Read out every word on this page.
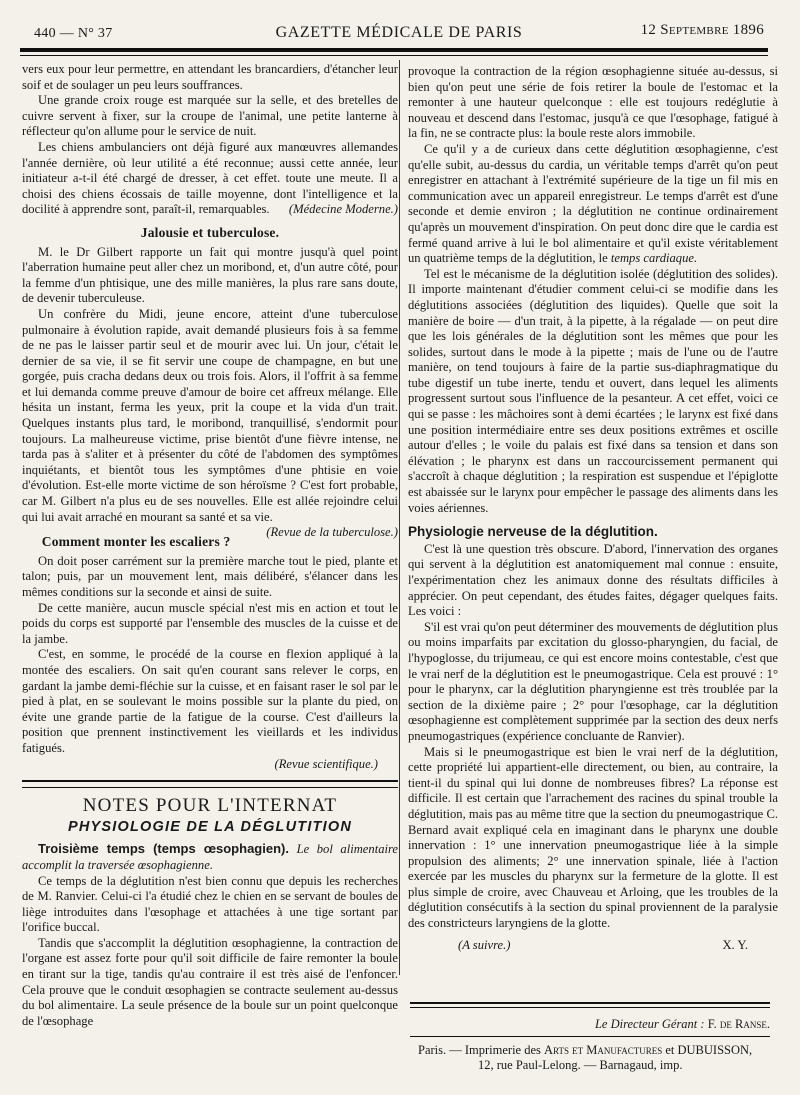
440 — N° 37	GAZETTE MÉDICALE DE PARIS	12 Septembre 1896

vers eux pour leur permettre, en attendant les brancardiers, d'étancher leur soif et de soulager un peu leurs souffrances.

Une grande croix rouge est marquée sur la selle, et des bretelles de cuivre servent à fixer, sur la croupe de l'animal, une petite lanterne à réflecteur qu'on allume pour le service de nuit.

Les chiens ambulanciers ont déjà figuré aux manœuvres allemandes l'année dernière, où leur utilité a été reconnue; aussi cette année, leur initiateur a-t-il été chargé de dresser, à cet effet. toute une meute. Il a choisi des chiens écossais de taille moyenne, dont l'intelligence et la docilité à apprendre sont, paraît-il, remarquables.	(Médecine Moderne.)

Jalousie et tuberculose.

M. le Dr Gilbert rapporte un fait qui montre jusqu'à quel point l'aberration humaine peut aller chez un moribond, et, d'un autre côté, pour la femme d'un phtisique, une des mille manières, la plus rare sans doute, de devenir tuberculeuse.

Un confrère du Midi, jeune encore, atteint d'une tuberculose pulmonaire à évolution rapide, avait demandé plusieurs fois à sa femme de ne pas le laisser partir seul et de mourir avec lui. Un jour, c'était le dernier de sa vie, il se fit servir une coupe de champagne, en but une gorgée, puis cracha dedans deux ou trois fois. Alors, il l'offrit à sa femme et lui demanda comme preuve d'amour de boire cet affreux mélange. Elle hésita un instant, ferma les yeux, prit la coupe et la vida d'un trait. Quelques instants plus tard, le moribond, tranquillisé, s'endormit pour toujours. La malheureuse victime, prise bientôt d'une fièvre intense, ne tarda pas à s'aliter et à présenter du côté de l'abdomen des symptômes inquiétants, et bientôt tous les symptômes d'une phtisie en voie d'évolution. Est-elle morte victime de son héroïsme ? C'est fort probable, car M. Gilbert n'a plus eu de ses nouvelles. Elle est allée rejoindre celui qui lui avait arraché en mourant sa santé et sa vie.
(Revue de la tuberculose.)

Comment monter les escaliers ?

On doit poser carrément sur la première marche tout le pied, plante et talon; puis, par un mouvement lent, mais délibéré, s'élancer dans les mêmes conditions sur la seconde et ainsi de suite.

De cette manière, aucun muscle spécial n'est mis en action et tout le poids du corps est supporté par l'ensemble des muscles de la cuisse et de la jambe.

C'est, en somme, le procédé de la course en flexion appliqué à la montée des escaliers. On sait qu'en courant sans relever le corps, en gardant la jambe demi-fléchie sur la cuisse, et en faisant raser le sol par le pied à plat, en se soulevant le moins possible sur la plante du pied, on évite une grande partie de la fatigue de la course. C'est d'ailleurs la position que prennent instinctivement les vieillards et les individus fatigués.

(Revue scientifique.)
NOTES POUR L'INTERNAT
PHYSIOLOGIE DE LA DÉGLUTITION

Troisième temps (temps œsophagien). Le bol alimentaire accomplit la traversée œsophagienne.

Ce temps de la déglutition n'est bien connu que depuis les recherches de M. Ranvier. Celui-ci l'a étudié chez le chien en se servant de boules de liège introduites dans l'œsophage et attachées à une tige sortant par l'orifice buccal.

Tandis que s'accomplit la déglutition œsophagienne, la contraction de l'organe est assez forte pour qu'il soit difficile de faire remonter la boule en tirant sur la tige, tandis qu'au contraire il est très aisé de l'enfoncer. Cela prouve que le conduit œsophagien se contracte seulement au-dessus du bol alimentaire. La seule présence de la boule sur un point quelconque de l'œsophage

provoque la contraction de la région œsophagienne située au-dessus, si bien qu'on peut une série de fois retirer la boule de l'estomac et la remonter à une hauteur quelconque : elle est toujours redéglutie à nouveau et descend dans l'estomac, jusqu'à ce que l'œsophage, fatigué à la fin, ne se contracte plus: la boule reste alors immobile.

Ce qu'il y a de curieux dans cette déglutition œsophagienne, c'est qu'elle subit, au-dessus du cardia, un véritable temps d'arrêt qu'on peut enregistrer en attachant à l'extrémité supérieure de la tige un fil mis en communication avec un appareil enregistreur. Le temps d'arrêt est d'une seconde et demie environ ; la déglutition ne continue ordinairement qu'après un mouvement d'inspiration. On peut donc dire que le cardia est fermé quand arrive à lui le bol alimentaire et qu'il existe véritablement un quatrième temps de la déglutition, le temps cardiaque.

Tel est le mécanisme de la déglutition isolée (déglutition des solides). Il importe maintenant d'étudier comment celui-ci se modifie dans les déglutitions associées (déglutition des liquides). Quelle que soit la manière de boire — d'un trait, à la pipette, à la régalade — on peut dire que les lois générales de la déglutition sont les mêmes que pour les solides, surtout dans le mode à la pipette ; mais de l'une ou de l'autre manière, on tend toujours à faire de la partie sus-diaphragmatique du tube digestif un tube inerte, tendu et ouvert, dans lequel les aliments progressent surtout sous l'influence de la pesanteur. A cet effet, voici ce qui se passe : les mâchoires sont à demi écartées ; le larynx est fixé dans une position intermédiaire entre ses deux positions extrêmes et oscille autour d'elles ; le voile du palais est fixé dans sa tension et dans son élévation ; le pharynx est dans un raccourcissement permanent qui s'accroît à chaque déglutition ; la respiration est suspendue et l'épiglotte est abaissée sur le larynx pour empêcher le passage des aliments dans les voies aériennes.

Physiologie nerveuse de la déglutition.

C'est là une question très obscure. D'abord, l'innervation des organes qui servent à la déglutition est anatomiquement mal connue : ensuite, l'expérimentation chez les animaux donne des résultats difficiles à apprécier. On peut cependant, des études faites, dégager quelques faits. Les voici :

S'il est vrai qu'on peut déterminer des mouvements de déglutition plus ou moins imparfaits par excitation du glosso-pharyngien, du facial, de l'hypoglosse, du trijumeau, ce qui est encore moins contestable, c'est que le vrai nerf de la déglutition est le pneumogastrique. Cela est prouvé : 1° pour le pharynx, car la déglutition pharyngienne est très troublée par la section de la dixième paire ; 2° pour l'œsophage, car la déglutition œsophagienne est complètement supprimée par la section des deux nerfs pneumogastriques (expérience concluante de Ranvier).

Mais si le pneumogastrique est bien le vrai nerf de la déglutition, cette propriété lui appartient-elle directement, ou bien, au contraire, la tient-il du spinal qui lui donne de nombreuses fibres? La réponse est difficile. Il est certain que l'arrachement des racines du spinal trouble la déglutition, mais pas au même titre que la section du pneumogastrique C. Bernard avait expliqué cela en imaginant dans le pharynx une double innervation : 1° une innervation pneumogastrique liée à la simple propulsion des aliments; 2° une innervation spinale, liée à l'action exercée par les muscles du pharynx sur la fermeture de la glotte. Il est plus simple de croire, avec Chauveau et Arloing, que les troubles de la déglutition consécutifs à la section du spinal proviennent de la paralysie des constricteurs laryngiens de la glotte.

(A suivre.)	X. Y.
Le Directeur Gérant : F. de Ranse.
Paris. — Imprimerie des Arts et Manufactures et DUBUISSON,
12, rue Paul-Lelong. — Barnagaud, imp.
